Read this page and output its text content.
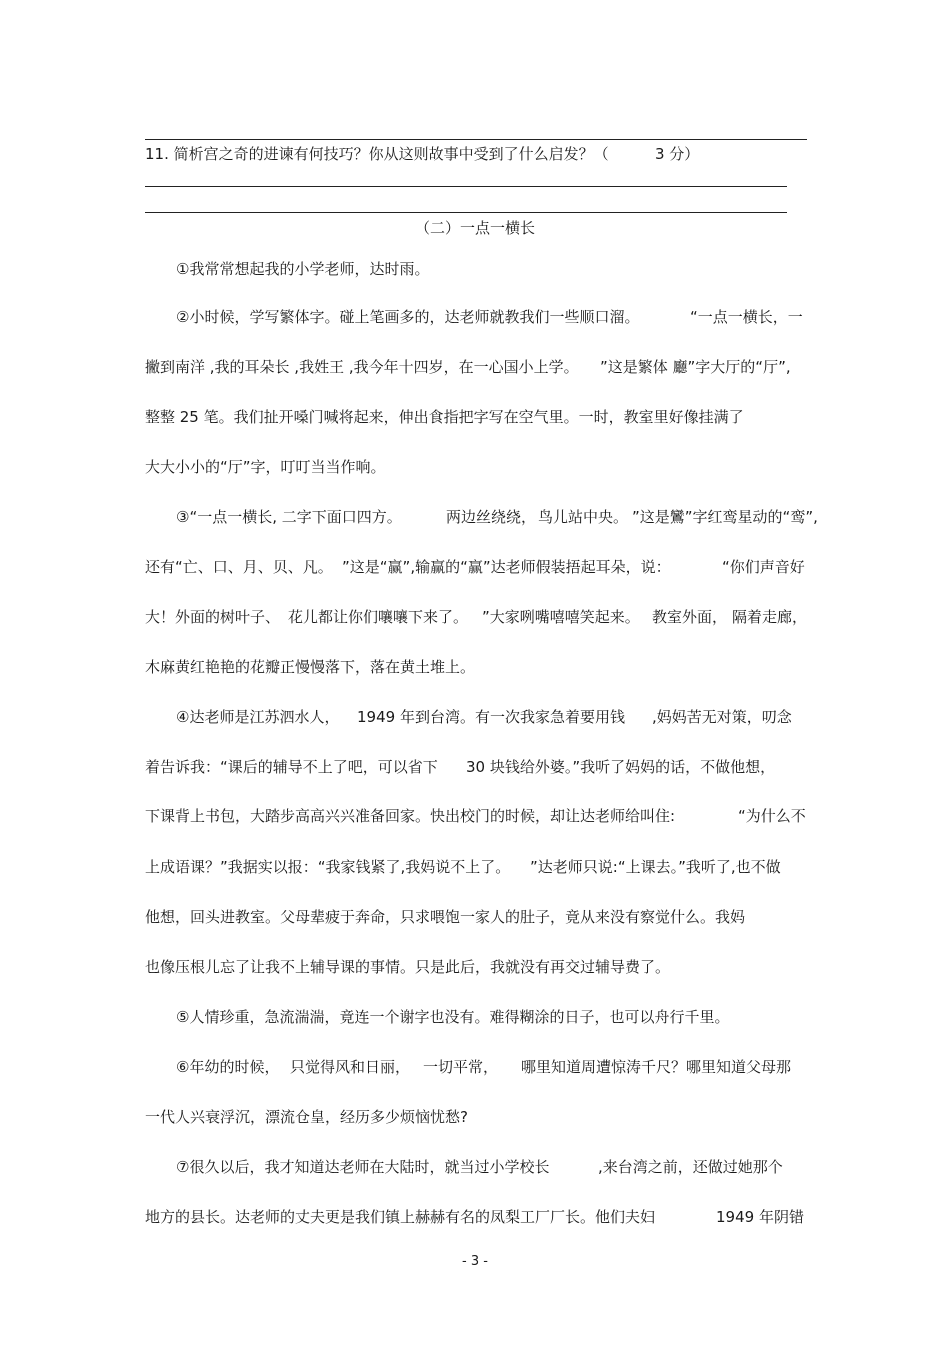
11. 简析宫之奇的进谏有何技巧？你从这则故事中受到了什么启发？（

	3 分）

（二）一点一横长

①我常常想起我的小学老师，达时雨。

②小时候，学写繁体字。碰上笔画多的，达老师就教我们一些顺口溜。

	“一点一横长，一

撇到南洋 ,我的耳朵长 ,我姓王 ,我今年十四岁，在一心国小上学。

”这是繁体 廳”字大厅的“厅”,

整整 25 笔。我们扯开嗓门喊将起来，伸出食指把字写在空气里。一时，教室里好像挂满了

大大小小的“厅”字，叮叮当当作响。

③“一点一横长, 二字下面口四方。

	两边丝绕绕，

鸟儿站中央。

”这是鸞”字红鸾星动的“鸾”,

还有“亡、口、月、贝、凡。

”这是“赢”,输赢的“赢”达老师假装捂起耳朵，说：

	“你们声音好

大！外面的树叶子、

花儿都让你们嚷嚷下来了。

”大家咧嘴嘻嘻笑起来。

教室外面，

隔着走廊，

木麻黄红艳艳的花瓣正慢慢落下，落在黄土堆上。

④达老师是江苏泗水人，

1949 年到台湾。有一次我家急着要用钱

,妈妈苦无对策，叨念

着告诉我：“课后的辅导不上了吧，可以省下

30 块钱给外婆。”我听了妈妈的话，不做他想，

下课背上书包，大踏步高高兴兴准备回家。快出校门的时候，却让达老师给叫住:

	“为什么不

上成语课？”我据实以报：“我家钱紧了,我妈说不上了。

”达老师只说:“上课去。”我听了,也不做

他想，回头进教室。父母辈疲于奔命，只求喂饱一家人的肚子，竟从来没有察觉什么。我妈

也像压根儿忘了让我不上辅导课的事情。只是此后，我就没有再交过辅导费了。

⑤人情珍重，急流湍湍，竟连一个谢字也没有。难得糊涂的日子，也可以舟行千里。

⑥年幼的时候，

只觉得风和日丽，

一切平常，

哪里知道周遭惊涛千尺？哪里知道父母那

一代人兴衰浮沉，漂流仓皇，经历多少烦恼忧愁?

⑦很久以后，我才知道达老师在大陆时，就当过小学校长

	,来台湾之前，还做过她那个

地方的县长。达老师的丈夫更是我们镇上赫赫有名的凤梨工厂厂长。他们夫妇

	1949 年阴错

- 3 -
